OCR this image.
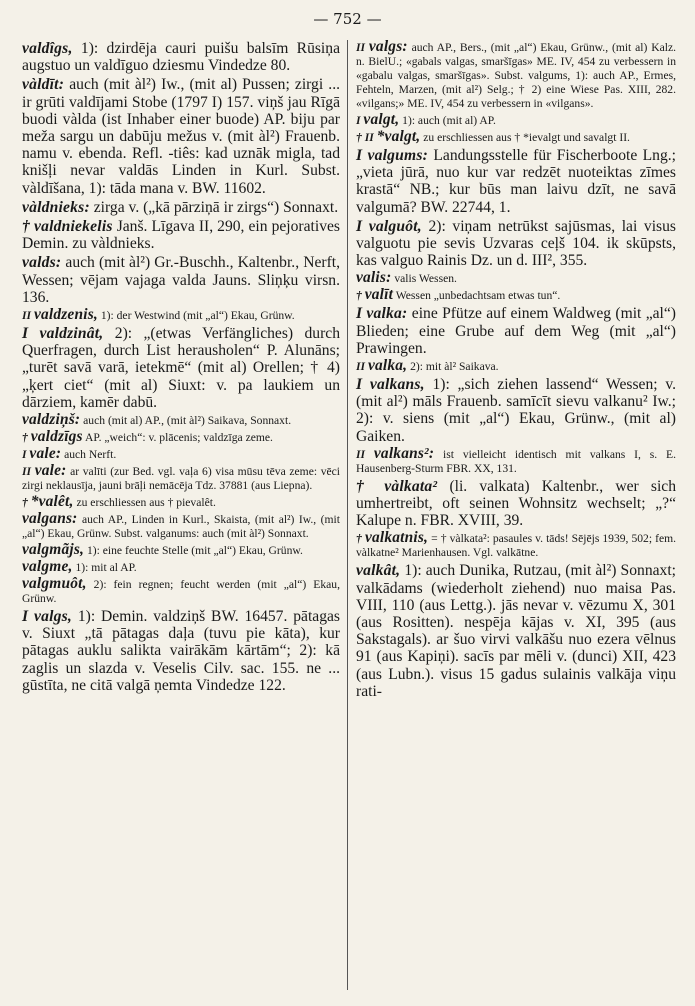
— 752 —

valdîgs, 1): dzirdēja cauri puišu balsīm Rūsiņa augstuo un valdīguo dziesmu Vindedze 80.

vàldīt: auch (mit àl²) Iw., (mit al) Pussen; zirgi ... ir grūti valdījami Stobe (1797 I) 157. viņš jau Rīgā buodi vàlda (ist Inhaber einer buode) AP. biju par meža sargu un dabūju mežus v. (mit àl²) Frauenb. namu v. ebenda. Refl. -tiês: kad uznāk migla, tad knišļi nevar valdās Linden in Kurl. Subst. vàldīšana, 1): tāda mana v. BW. 11602.

vàldnieks: zirga v. („kā pārziņā ir zirgs“) Sonnaxt.

† valdniekelis Janš. Līgava II, 290, ein pejoratives Demin. zu vàldnieks.

valds: auch (mit àl²) Gr.-Buschh., Kaltenbr., Nerft, Wessen; vējam vajaga valda Jauns. Sliņķu virsn. 136.

II valdzenis, 1): der Westwind (mit „al“) Ekau, Grünw.

I valdzinât, 2): „(etwas Verfängliches) durch Querfragen, durch List herausholen“ P. Alunāns; „turēt savā varā, ietekmē“ (mit al) Orellen; † 4) „ķert ciet“ (mit al) Siuxt: v. pa laukiem un dārziem, kamēr dabū.

valdziņš: auch (mit al) AP., (mit àl²) Saikava, Sonnaxt.

† valdzīgs AP. „weich“: v. plācenis; valdzīga zeme.

I vale: auch Nerft.

II vale: ar valīti (zur Bed. vgl. vaļa 6) visa mūsu tēva zeme: vēci zirgi neklausīja, jauni brāļi nemācēja Tdz. 37881 (aus Liepna).

† *valêt, zu erschliessen aus † pievalêt.

valgans: auch AP., Linden in Kurl., Skaista, (mit al²) Iw., (mit „al“) Ekau, Grünw. Subst. valganums: auch (mit àl²) Sonnaxt.

valgmãjs, 1): eine feuchte Stelle (mit „al“) Ekau, Grünw.

valgme, 1): mit al AP.

valgmuôt, 2): fein regnen; feucht werden (mit „al“) Ekau, Grünw.

I valgs, 1): Demin. valdziņš BW. 16457. pātagas v. Siuxt „tā pātagas daļa (tuvu pie kāta), kur pātagas auklu salikta vairākām kārtām“; 2): kā zaglis un slazda v. Veselis Cilv. sac. 155. ne ... gūstīta, ne citā valgā ņemta Vindedze 122.

II valgs: auch AP., Bers., (mit „al“) Ekau, Grünw., (mit al) Kalz. n. BielU.; «gabals valgas, smaršīgas» ME. IV, 454 zu verbessern in «gabalu valgas, smaršīgas». Subst. valgums, 1): auch AP., Ermes, Fehteln, Marzen, (mit al²) Selg.; † 2) eine Wiese Pas. XIII, 282. «vilgans;» ME. IV, 454 zu verbessern in «vilgans».

I valgt, 1): auch (mit al) AP.

† II *valgt, zu erschliessen aus † *ievalgt und savalgt II.

I valgums: Landungsstelle für Fischerboote Lng.; „vieta jūrā, nuo kur var redzēt nuoteiktas zīmes krastā“ NB.; kur būs man laivu dzīt, ne savā valgumā? BW. 22744, 1.

I valguôt, 2): viņam netrūkst sajūsmas, lai visus valguotu pie sevis Uzvaras ceļš 104. ik skūpsts, kas valguo Rainis Dz. un d. III², 355.

valis: valis Wessen.

† valīt Wessen „unbedachtsam etwas tun“.

I valka: eine Pfütze auf einem Waldweg (mit „al“) Blieden; eine Grube auf dem Weg (mit „al“) Prawingen.

II valka, 2): mit àl² Saikava.

I valkans, 1): „sich ziehen lassend“ Wessen; v. (mit al²) māls Frauenb. samīcīt sievu valkanu² Iw.; 2): v. siens (mit „al“) Ekau, Grünw., (mit al) Gaiken.

II valkans²: ist vielleicht identisch mit valkans I, s. E. Hausenberg-Sturm FBR. XX, 131.

† vàlkata² (li. valkata) Kaltenbr., wer sich umhertreibt, oft seinen Wohnsitz wechselt; „?“ Kalupe n. FBR. XVIII, 39.

† valkatnis, = † vàlkata²: pasaules v. tāds! Sējējs 1939, 502; fem. vàlkatne² Marienhausen. Vgl. valkātne.

valkât, 1): auch Dunika, Rutzau, (mit àl²) Sonnaxt; valkādams (wiederholt ziehend) nuo maisa Pas. VIII, 110 (aus Lettg.). jās nevar v. vēzumu X, 301 (aus Rositten). nespēja kājas v. XI, 395 (aus Sakstagals). ar šuo virvi valkāšu nuo ezera vēlnus 91 (aus Kapiņi). sacīs par mēli v. (dunci) XII, 423 (aus Lubn.). visus 15 gadus sulainis valkāja viņu rati-
